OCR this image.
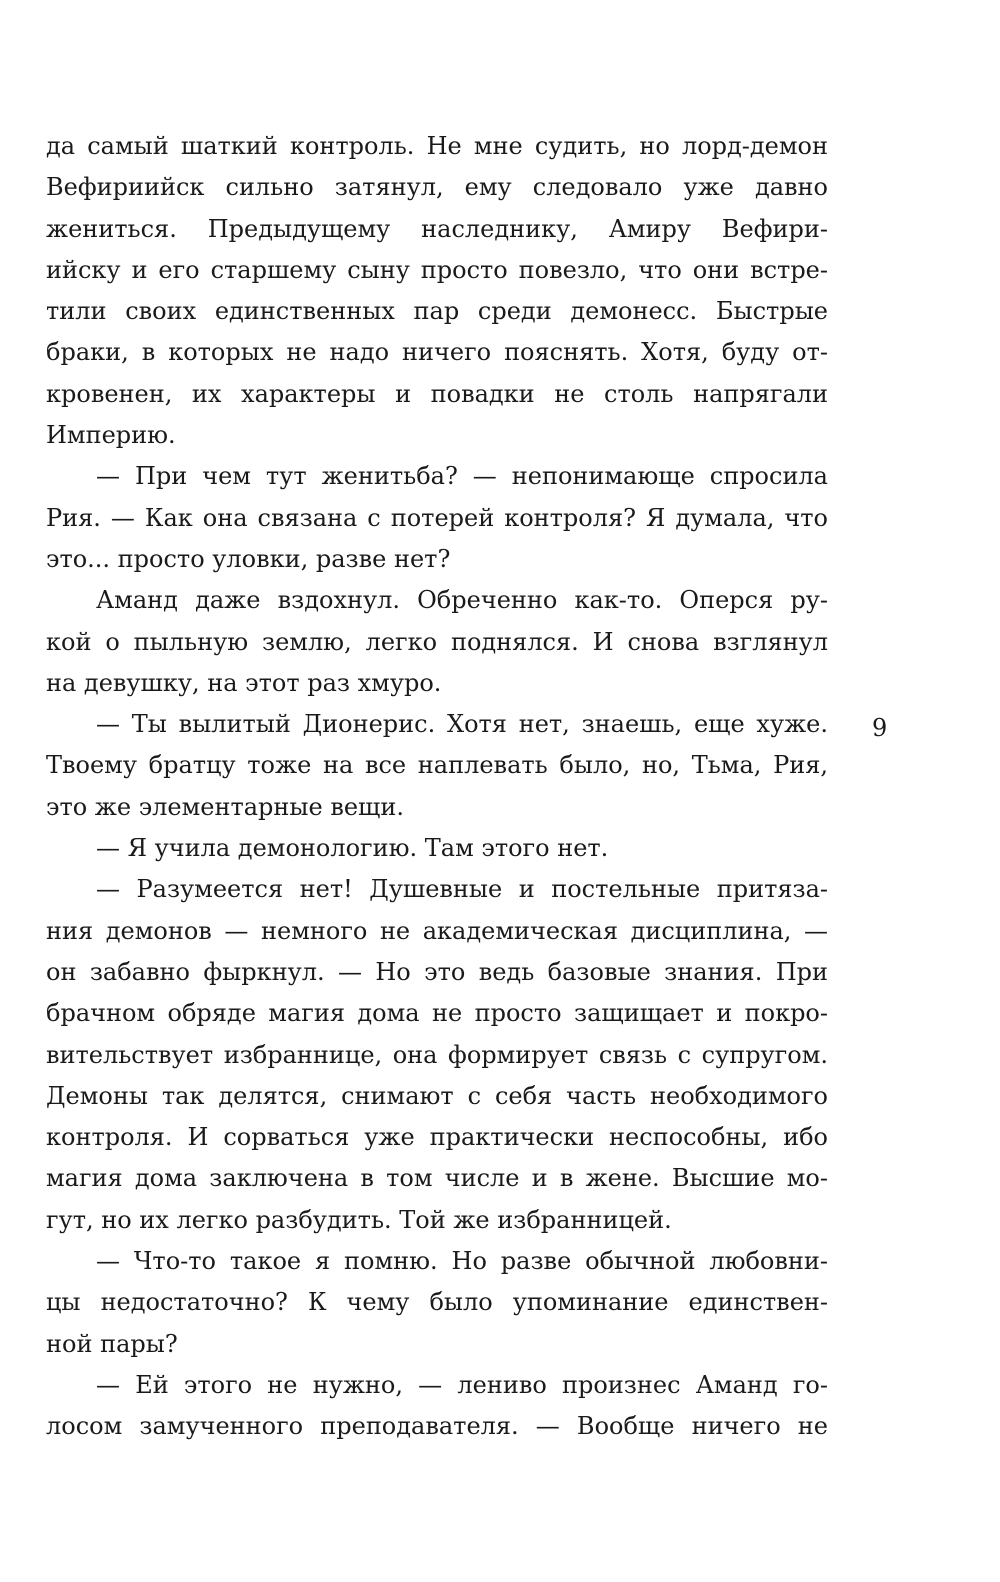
да самый шаткий контроль. Не мне судить, но лорд-демон
Вефириийск сильно затянул, ему следовало уже давно
жениться. Предыдущему наследнику, Амиру Вефири-
ийску и его старшему сыну просто повезло, что они встре-
тили своих единственных пар среди демонесс. Быстрые
браки, в которых не надо ничего пояснять. Хотя, буду от-
кровенен, их характеры и повадки не столь напрягали
Империю.
— При чем тут женитьба? — непонимающе спросила
Рия. — Как она связана с потерей контроля? Я думала, что
это... просто уловки, разве нет?
Аманд даже вздохнул. Обреченно как-то. Оперся ру-
кой о пыльную землю, легко поднялся. И снова взглянул
на девушку, на этот раз хмуро.
— Ты вылитый Дионерис. Хотя нет, знаешь, еще хуже.
Твоему братцу тоже на все наплевать было, но, Тьма, Рия,
это же элементарные вещи.
— Я учила демонологию. Там этого нет.
— Разумеется нет! Душевные и постельные притяза-
ния демонов — немного не академическая дисциплина, —
он забавно фыркнул. — Но это ведь базовые знания. При
брачном обряде магия дома не просто защищает и покро-
вительствует избраннице, она формирует связь с супругом.
Демоны так делятся, снимают с себя часть необходимого
контроля. И сорваться уже практически неспособны, ибо
магия дома заключена в том числе и в жене. Высшие мо-
гут, но их легко разбудить. Той же избранницей.
— Что-то такое я помню. Но разве обычной любовни-
цы недостаточно? К чему было упоминание единствен-
ной пары?
— Ей этого не нужно, — лениво произнес Аманд го-
лосом замученного преподавателя. — Вообще ничего не
9
